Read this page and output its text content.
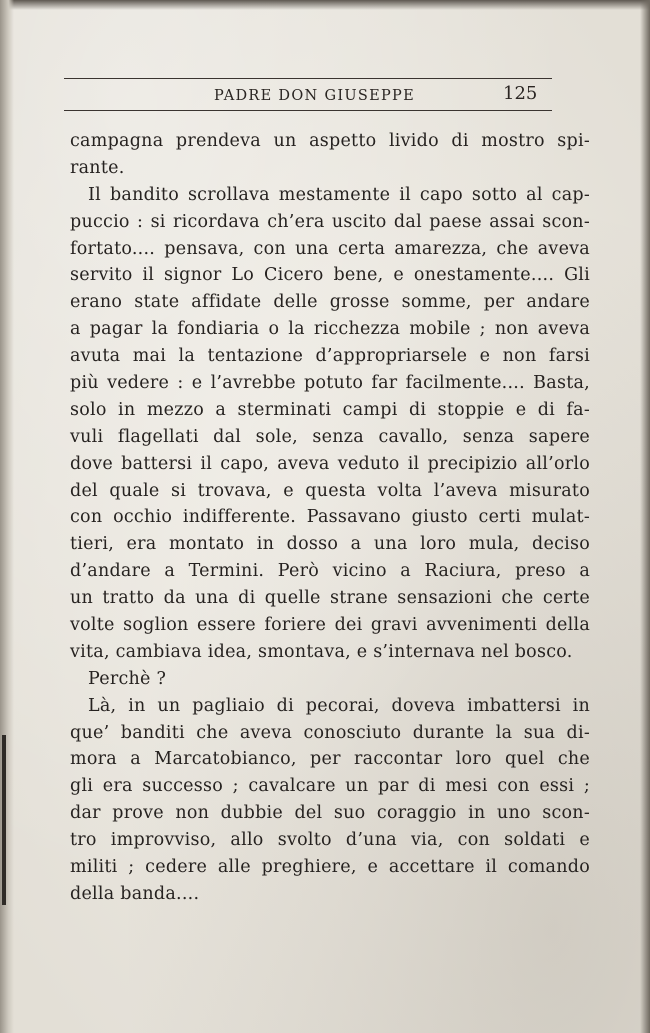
PADRE DON GIUSEPPE	125
campagna prendeva un aspetto livido di mostro spi-
rante.
Il bandito scrollava mestamente il capo sotto al cap-
puccio : si ricordava ch’era uscito dal paese assai scon-
fortato.... pensava, con una certa amarezza, che aveva
servito il signor Lo Cicero bene, e onestamente.... Gli
erano state affidate delle grosse somme, per andare
a pagar la fondiaria o la ricchezza mobile ; non aveva
avuta mai la tentazione d’appropriarsele e non farsi
più vedere : e l’avrebbe potuto far facilmente.... Basta,
solo in mezzo a sterminati campi di stoppie e di fa-
vuli flagellati dal sole, senza cavallo, senza sapere
dove battersi il capo, aveva veduto il precipizio all’orlo
del quale si trovava, e questa volta l’aveva misurato
con occhio indifferente. Passavano giusto certi mulat-
tieri, era montato in dosso a una loro mula, deciso
d’andare a Termini. Però vicino a Raciura, preso a
un tratto da una di quelle strane sensazioni che certe
volte soglion essere foriere dei gravi avvenimenti della
vita, cambiava idea, smontava, e s’internava nel bosco.
Perchè ?
Là, in un pagliaio di pecorai, doveva imbattersi in
que’ banditi che aveva conosciuto durante la sua di-
mora a Marcatobianco, per raccontar loro quel che
gli era successo ; cavalcare un par di mesi con essi ;
dar prove non dubbie del suo coraggio in uno scon-
tro improvviso, allo svolto d’una via, con soldati e
militi ; cedere alle preghiere, e accettare il comando
della banda....
